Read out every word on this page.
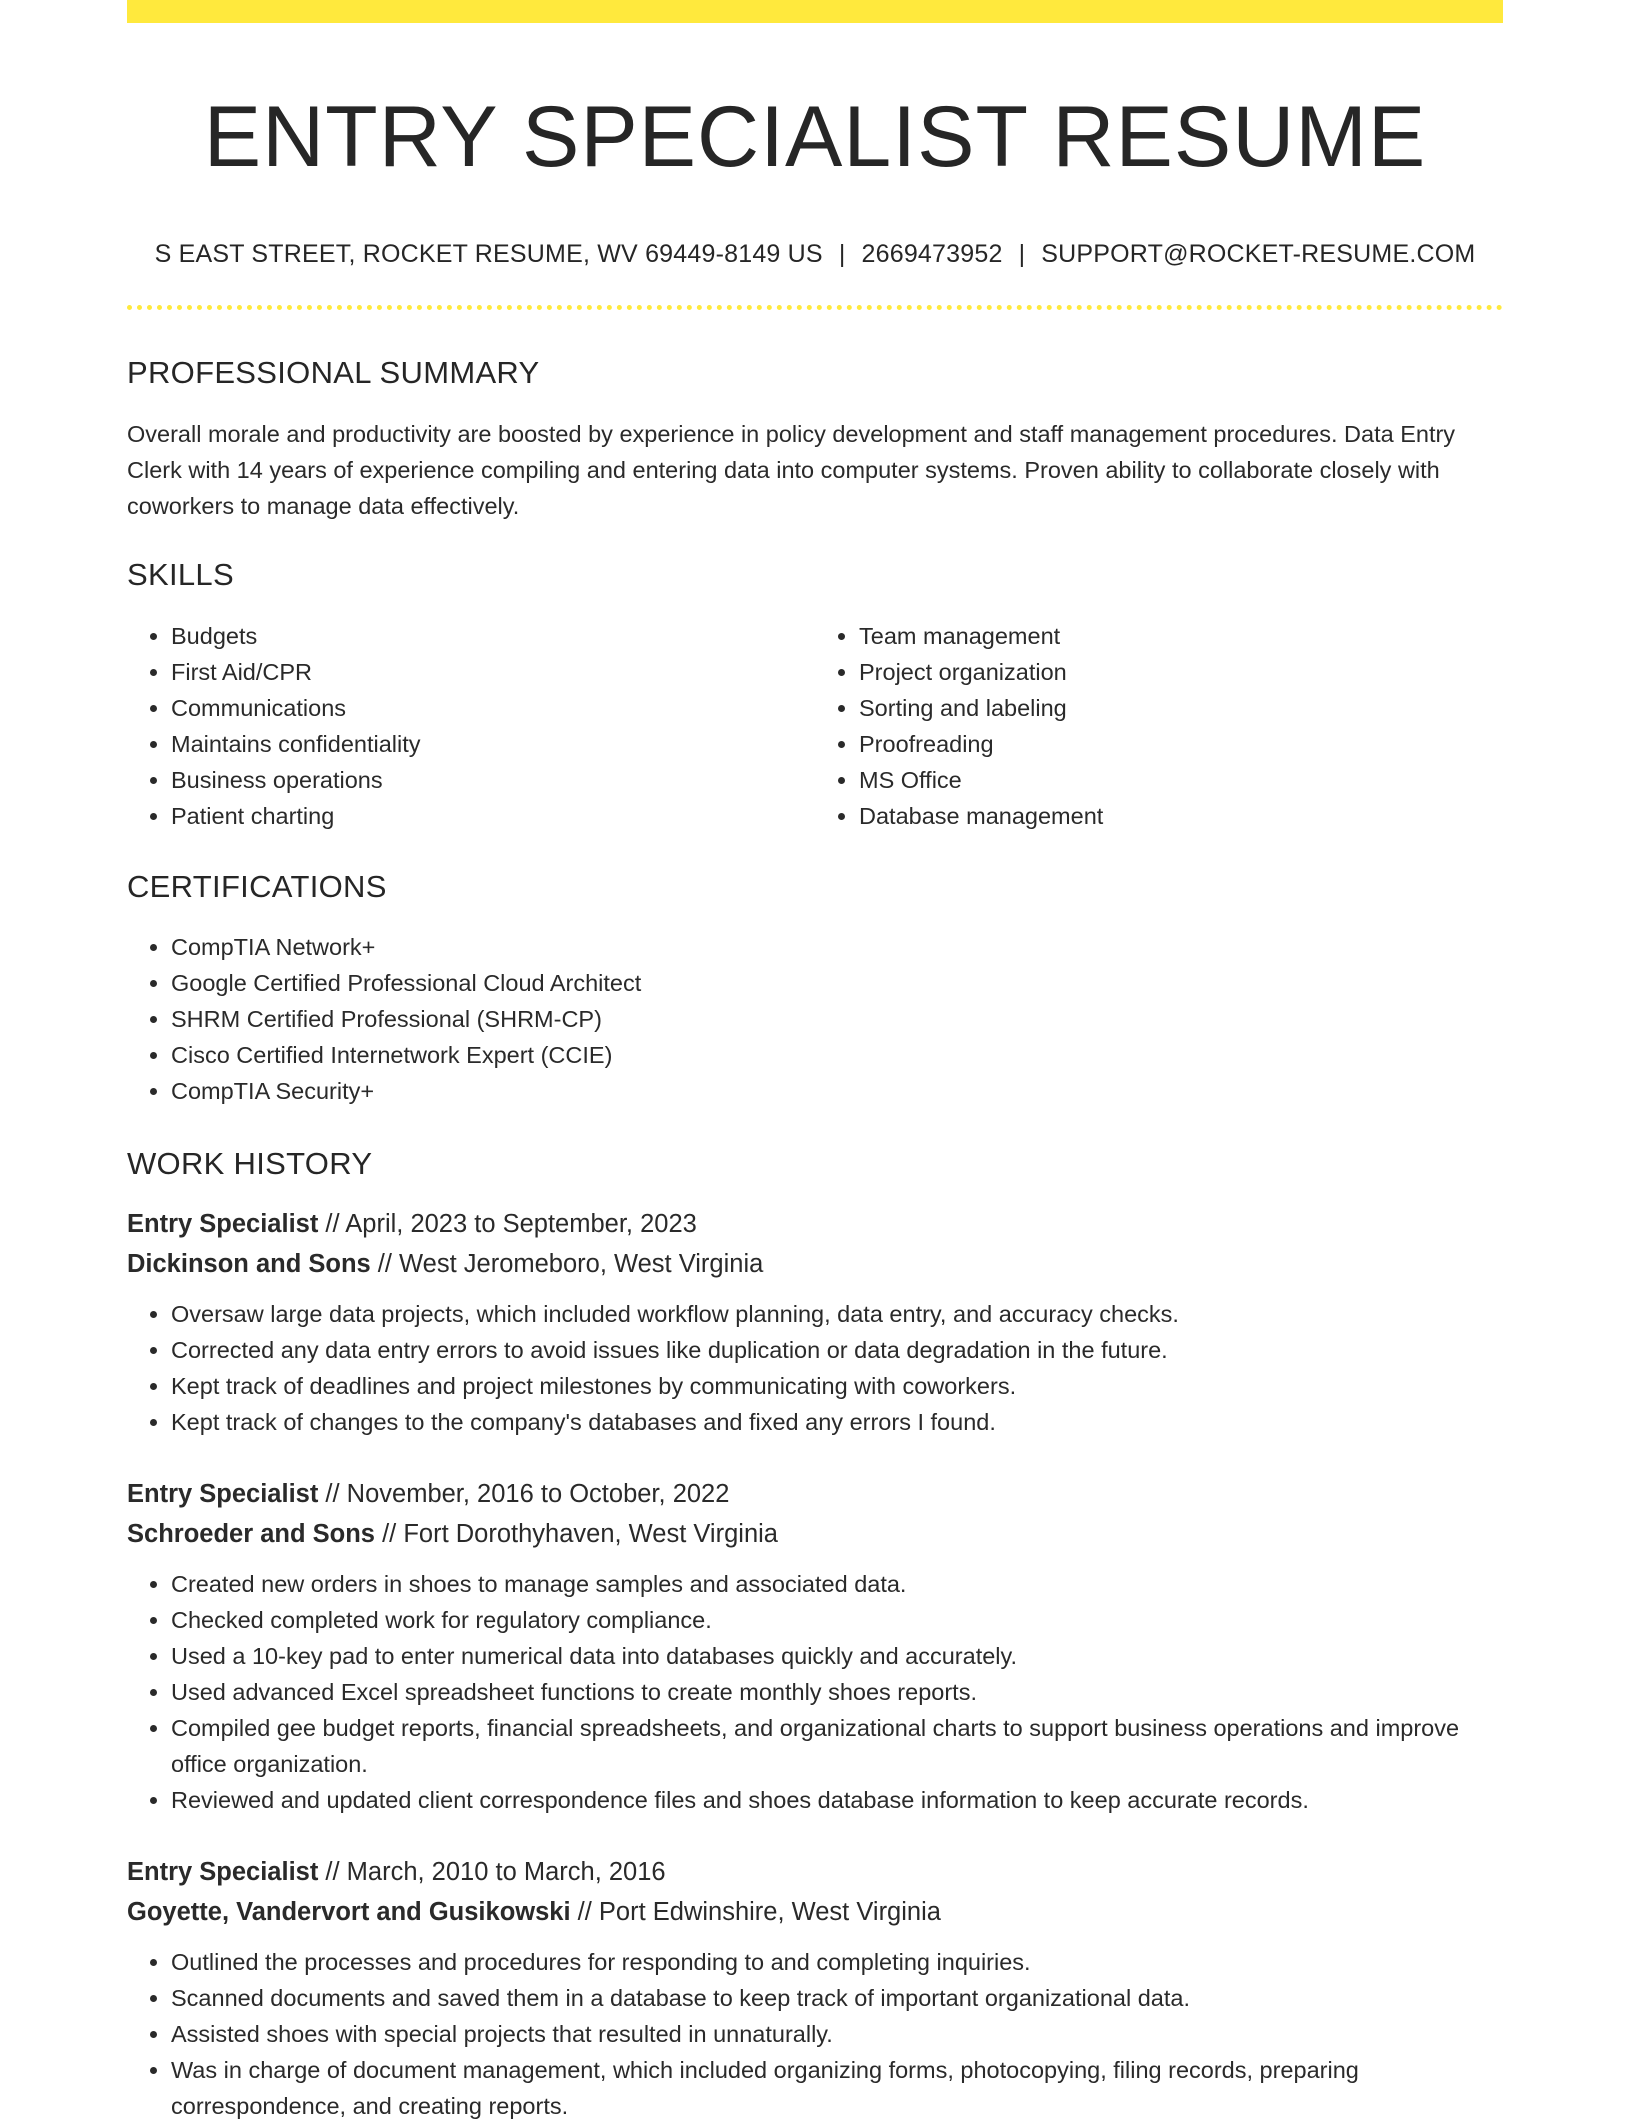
ENTRY SPECIALIST RESUME
S EAST STREET, ROCKET RESUME, WV 69449-8149 US | 2669473952 | SUPPORT@ROCKET-RESUME.COM
PROFESSIONAL SUMMARY

Overall morale and productivity are boosted by experience in policy development and staff management procedures. Data Entry Clerk with 14 years of experience compiling and entering data into computer systems. Proven ability to collaborate closely with coworkers to manage data effectively.

SKILLS
• Budgets
• First Aid/CPR
• Communications
• Maintains confidentiality
• Business operations
• Patient charting
• Team management
• Project organization
• Sorting and labeling
• Proofreading
• MS Office
• Database management
CERTIFICATIONS
• CompTIA Network+
• Google Certified Professional Cloud Architect
• SHRM Certified Professional (SHRM-CP)
• Cisco Certified Internetwork Expert (CCIE)
• CompTIA Security+
WORK HISTORY
Entry Specialist // April, 2023 to September, 2023
Dickinson and Sons // West Jeromeboro, West Virginia
• Oversaw large data projects, which included workflow planning, data entry, and accuracy checks.
• Corrected any data entry errors to avoid issues like duplication or data degradation in the future.
• Kept track of deadlines and project milestones by communicating with coworkers.
• Kept track of changes to the company's databases and fixed any errors I found.
Entry Specialist // November, 2016 to October, 2022
Schroeder and Sons // Fort Dorothyhaven, West Virginia
• Created new orders in shoes to manage samples and associated data.
• Checked completed work for regulatory compliance.
• Used a 10-key pad to enter numerical data into databases quickly and accurately.
• Used advanced Excel spreadsheet functions to create monthly shoes reports.
• Compiled gee budget reports, financial spreadsheets, and organizational charts to support business operations and improve office organization.
• Reviewed and updated client correspondence files and shoes database information to keep accurate records.
Entry Specialist // March, 2010 to March, 2016
Goyette, Vandervort and Gusikowski // Port Edwinshire, West Virginia
• Outlined the processes and procedures for responding to and completing inquiries.
• Scanned documents and saved them in a database to keep track of important organizational data.
• Assisted shoes with special projects that resulted in unnaturally.
• Was in charge of document management, which included organizing forms, photocopying, filing records, preparing correspondence, and creating reports.
